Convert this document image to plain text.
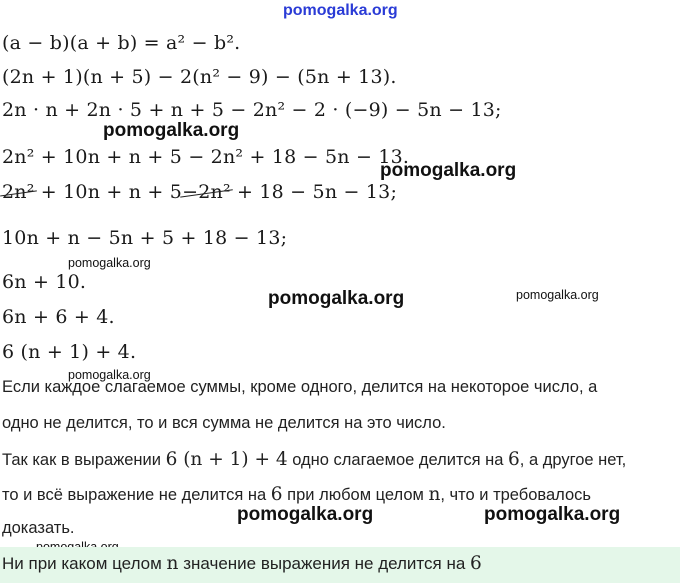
pomogalka.org
pomogalka.org
pomogalka.org
pomogalka.org
pomogalka.org	pomogalka.org
pomogalka.org
pomogalka.org	pomogalka.org
(a − b)(a + b) = a² − b².
(2n + 1)(n + 5) − 2(n² − 9) − (5n + 13).
2n · n + 2n · 5 + n + 5 − 2n² − 2 · (−9) − 5n − 13;
2n² + 10n + n + 5 − 2n² + 18 − 5n − 13.
2n² + 10n + n + 5−2n² + 18 − 5n − 13;
10n + n − 5n + 5 + 18 − 13;
6n + 10.
6n + 6 + 4.
6 (n + 1) + 4.
Если каждое слагаемое суммы, кроме одного, делится на некоторое число, а
одно не делится, то и вся сумма не делится на это число.
Так как в выражении 6 (n + 1) + 4 одно слагаемое делится на 6, а другое нет,
то и всё выражение не делится на 6 при любом целом n, что и требовалось
доказать.
Ни при каком целом n значение выражения не делится на 6
